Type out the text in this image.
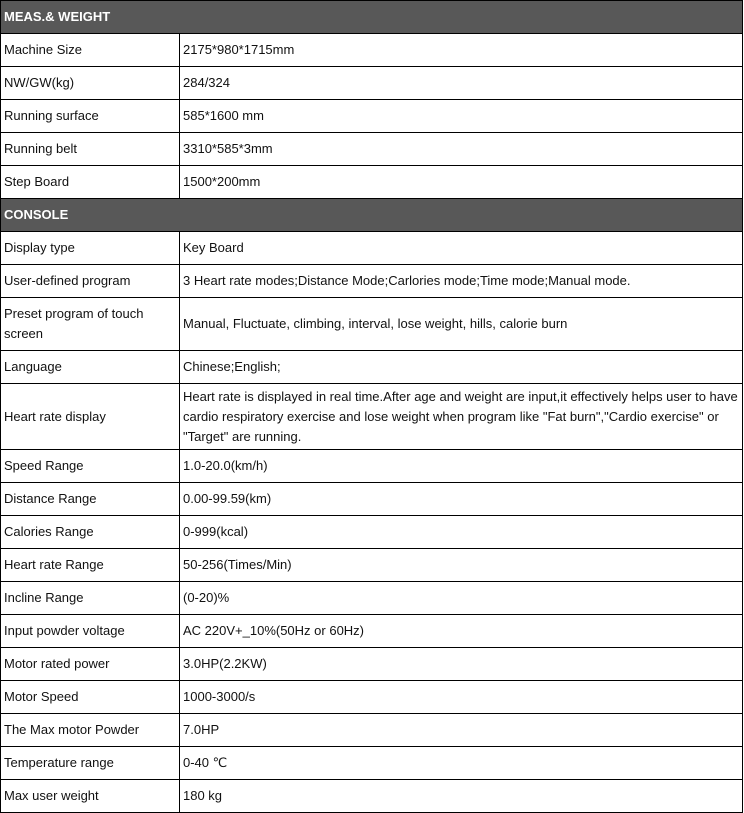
MEAS.& WEIGHT	
Machine Size	2175*980*1715mm
NW/GW(kg)	284/324
Running surface	585*1600 mm
Running belt	3310*585*3mm
Step Board	1500*200mm
CONSOLE	
Display type	Key Board
User-defined program	3 Heart rate modes;Distance Mode;Carlories mode;Time mode;Manual mode.
Preset program of touch screen	Manual, Fluctuate, climbing, interval, lose weight, hills, calorie burn
Language	Chinese;English;
Heart rate display	Heart rate is displayed in real time.After age and weight are input,it effectively helps user to have cardio respiratory exercise and lose weight when program like "Fat burn","Cardio exercise" or "Target" are running.
Speed Range	1.0-20.0(km/h)
Distance Range	0.00-99.59(km)
Calories Range	0-999(kcal)
Heart rate Range	50-256(Times/Min)
Incline Range	(0-20)%
Input powder voltage	AC 220V+_10%(50Hz or 60Hz)
Motor rated power	3.0HP(2.2KW)
Motor Speed	1000-3000/s
The Max motor Powder	7.0HP
Temperature range	0-40 ℃
Max user weight	180 kg
